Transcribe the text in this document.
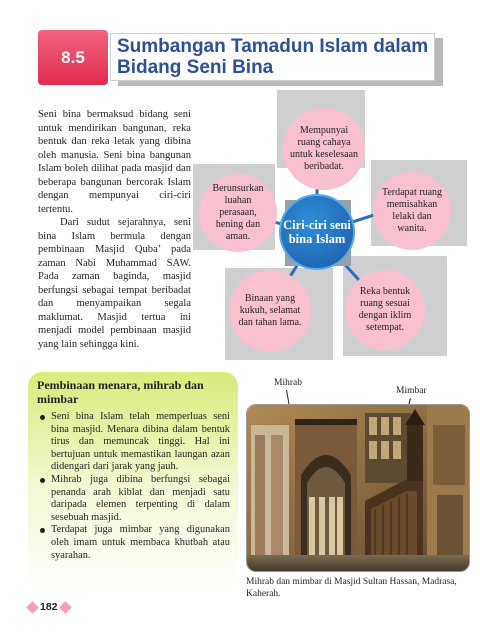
8.5 Sumbangan Tamadun Islam dalam
Bidang Seni Bina

Seni bina bermaksud bidang seni untuk mendirikan bangunan, reka bentuk dan reka letak yang dibina oleh manusia. Seni bina bangunan Islam boleh dilihat pada masjid dan beberapa bangunan bercorak Islam dengan mempunyai ciri-ciri tertentu.

Dari sudut sejarahnya, seni bina Islam bermula dengan pembinaan Masjid Quba’ pada zaman Nabi Muhammad SAW. Pada zaman baginda, masjid berfungsi sebagai tempat beribadat dan menyampaikan segala maklumat. Masjid tertua ini menjadi model pembinaan masjid yang lain sehingga kini.

Ciri-ciri seni bina Islam
Mempunyai ruang cahaya untuk keselesaan beribadat.
Terdapat ruang memisahkan lelaki dan wanita.
Reka bentuk ruang sesuai dengan iklim setempat.
Binaan yang kukuh, selamat dan tahan lama.
Berunsurkan luahan perasaan, hening dan aman.
Pembinaan menara, mihrab dan mimbar
Seni bina Islam telah memperluas seni bina masjid. Menara dibina dalam bentuk tirus dan memuncak tinggi. Hal ini bertujuan untuk memastikan laungan azan didengari dari jarak yang jauh.
Mihrab juga dibina berfungsi sebagai penanda arah kiblat dan menjadi satu daripada elemen terpenting di dalam sesebuah masjid.
Terdapat juga mimbar yang digunakan oleh imam untuk membaca khutbah atau syarahan.
Mihrab
Mimbar
Mihrab dan mimbar di Masjid Sultan Hassan, Madrasa, Kaherah.
182
